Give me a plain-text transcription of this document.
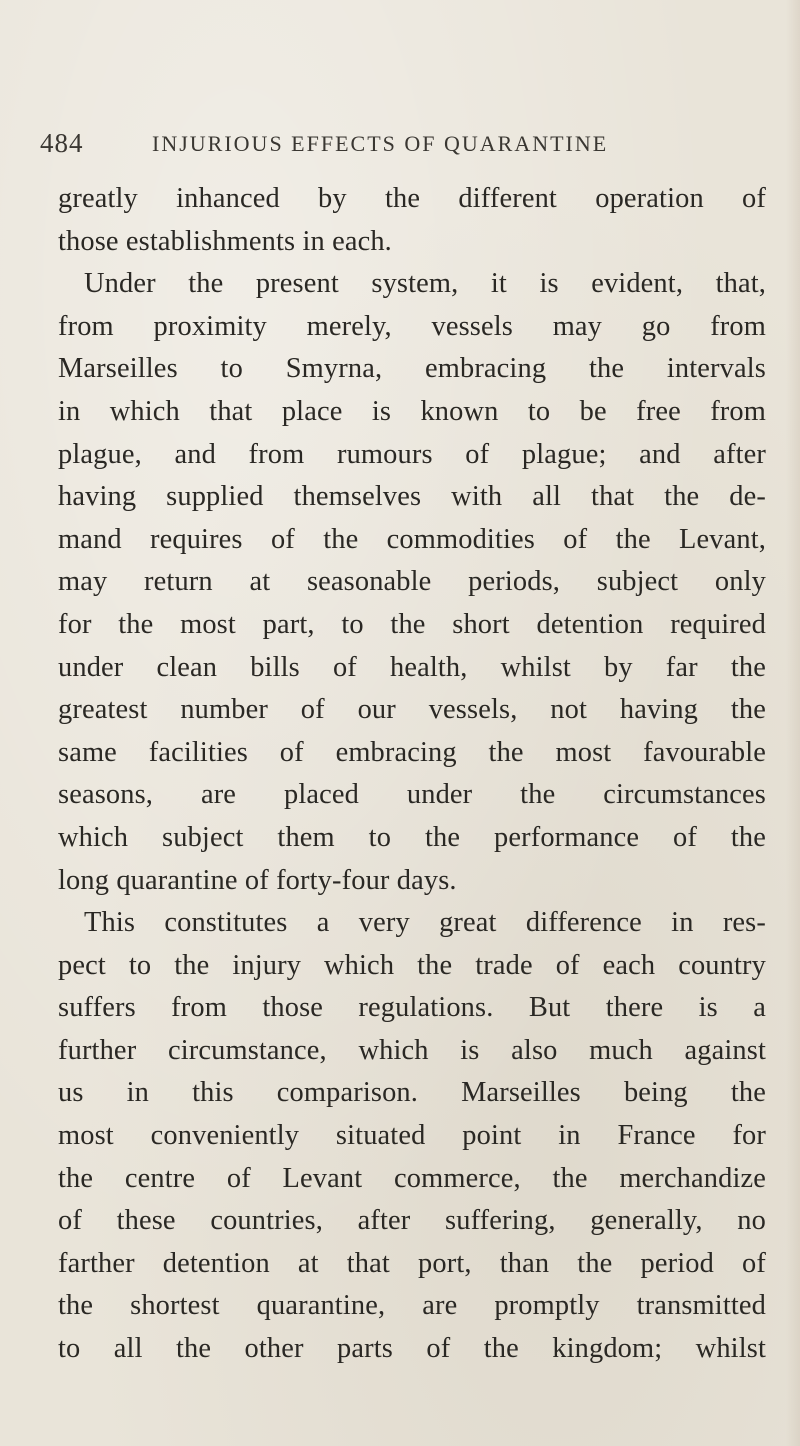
484	INJURIOUS EFFECTS OF QUARANTINE
greatly inhanced by the different operation of
those establishments in each.
Under the present system, it is evident, that,
from proximity merely, vessels may go from
Marseilles to Smyrna, embracing the intervals
in which that place is known to be free from
plague, and from rumours of plague; and after
having supplied themselves with all that the de-
mand requires of the commodities of the Levant,
may return at seasonable periods, subject only
for the most part, to the short detention required
under clean bills of health, whilst by far the
greatest number of our vessels, not having the
same facilities of embracing the most favourable
seasons, are placed under the circumstances
which subject them to the performance of the
long quarantine of forty-four days.
This constitutes a very great difference in res-
pect to the injury which the trade of each country
suffers from those regulations. But there is a
further circumstance, which is also much against
us in this comparison. Marseilles being the
most conveniently situated point in France for
the centre of Levant commerce, the merchandize
of these countries, after suffering, generally, no
farther detention at that port, than the period of
the shortest quarantine, are promptly transmitted
to all the other parts of the kingdom; whilst
